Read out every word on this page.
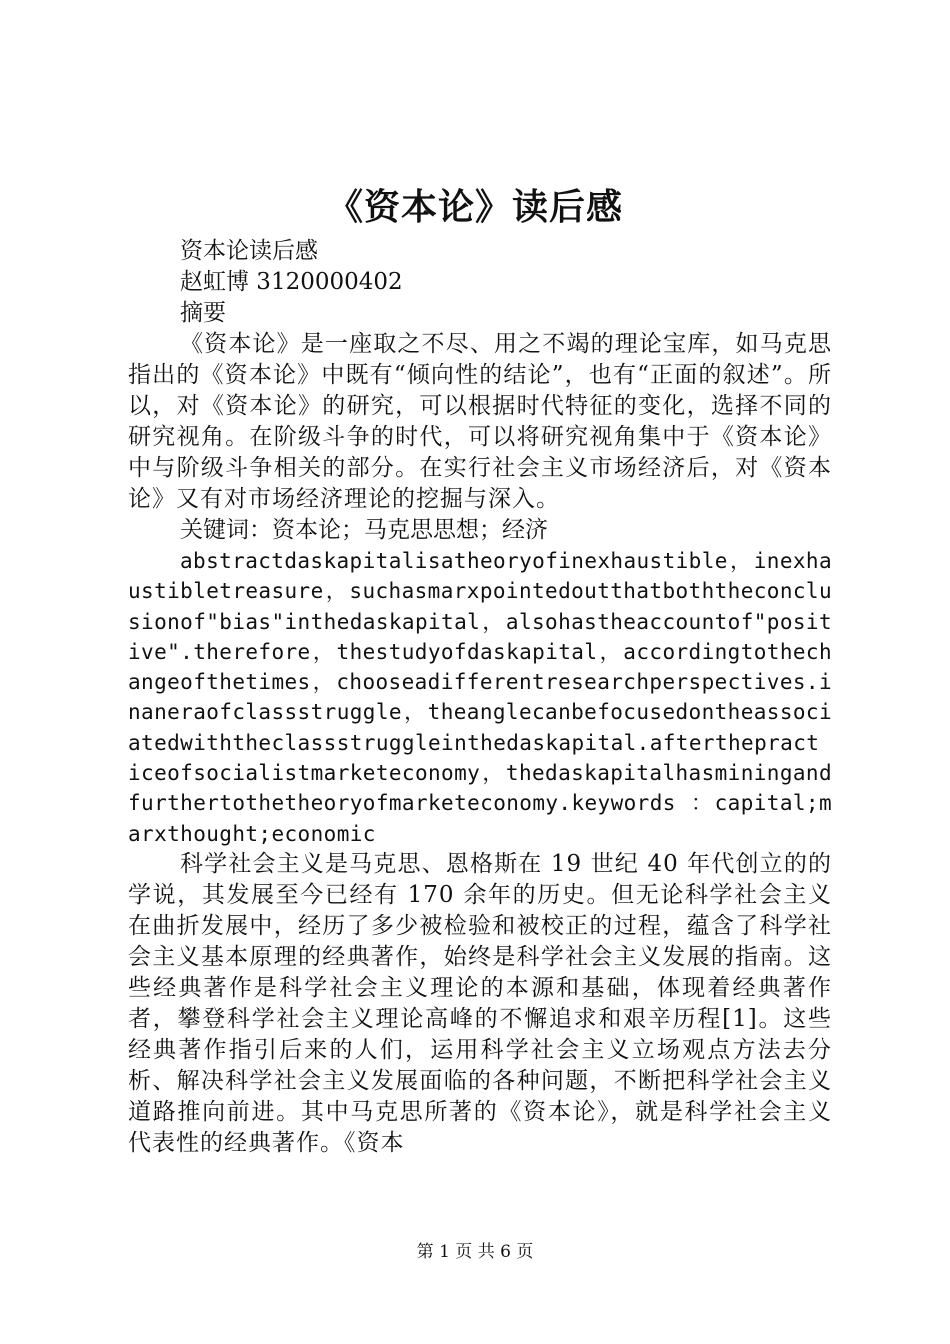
《资本论》读后感

资本论读后感

赵虹博 3120000402

摘要

《资本论》是一座取之不尽、用之不竭的理论宝库，如马克思指出的《资本论》中既有“倾向性的结论”，也有“正面的叙述”。所以，对《资本论》的研究，可以根据时代特征的变化，选择不同的研究视角。在阶级斗争的时代，可以将研究视角集中于《资本论》中与阶级斗争相关的部分。在实行社会主义市场经济后，对《资本论》又有对市场经济理论的挖掘与深入。

关键词：资本论；马克思思想；经济

abstractdaskapitalisatheoryofinexhaustible，inexhaustibletreasure，suchasmarxpointedoutthatboththeconclusionof"bias"inthedaskapital，alsohastheaccountof"positive".therefore，thestudyofdaskapital，accordingtothechangeofthetimes，chooseadifferentresearchperspectives.inaneraofclassstruggle，theanglecanbefocusedontheassociatedwiththeclassstruggleinthedaskapital.afterthepracticeofsocialistmarketeconomy，thedaskapitalhasminingandfurthertothetheoryofmarketeconomy.keywords ：capital;marxthought;economic

科学社会主义是马克思、恩格斯在 19 世纪 40 年代创立的的学说，其发展至今已经有 170 余年的历史。但无论科学社会主义在曲折发展中，经历了多少被检验和被校正的过程，蕴含了科学社会主义基本原理的经典著作，始终是科学社会主义发展的指南。这些经典著作是科学社会主义理论的本源和基础，体现着经典著作者，攀登科学社会主义理论高峰的不懈追求和艰辛历程[1]。这些经典著作指引后来的人们，运用科学社会主义立场观点方法去分析、解决科学社会主义发展面临的各种问题，不断把科学社会主义道路推向前进。其中马克思所著的《资本论》，就是科学社会主义代表性的经典著作。《资本

第 1 页 共 6 页
